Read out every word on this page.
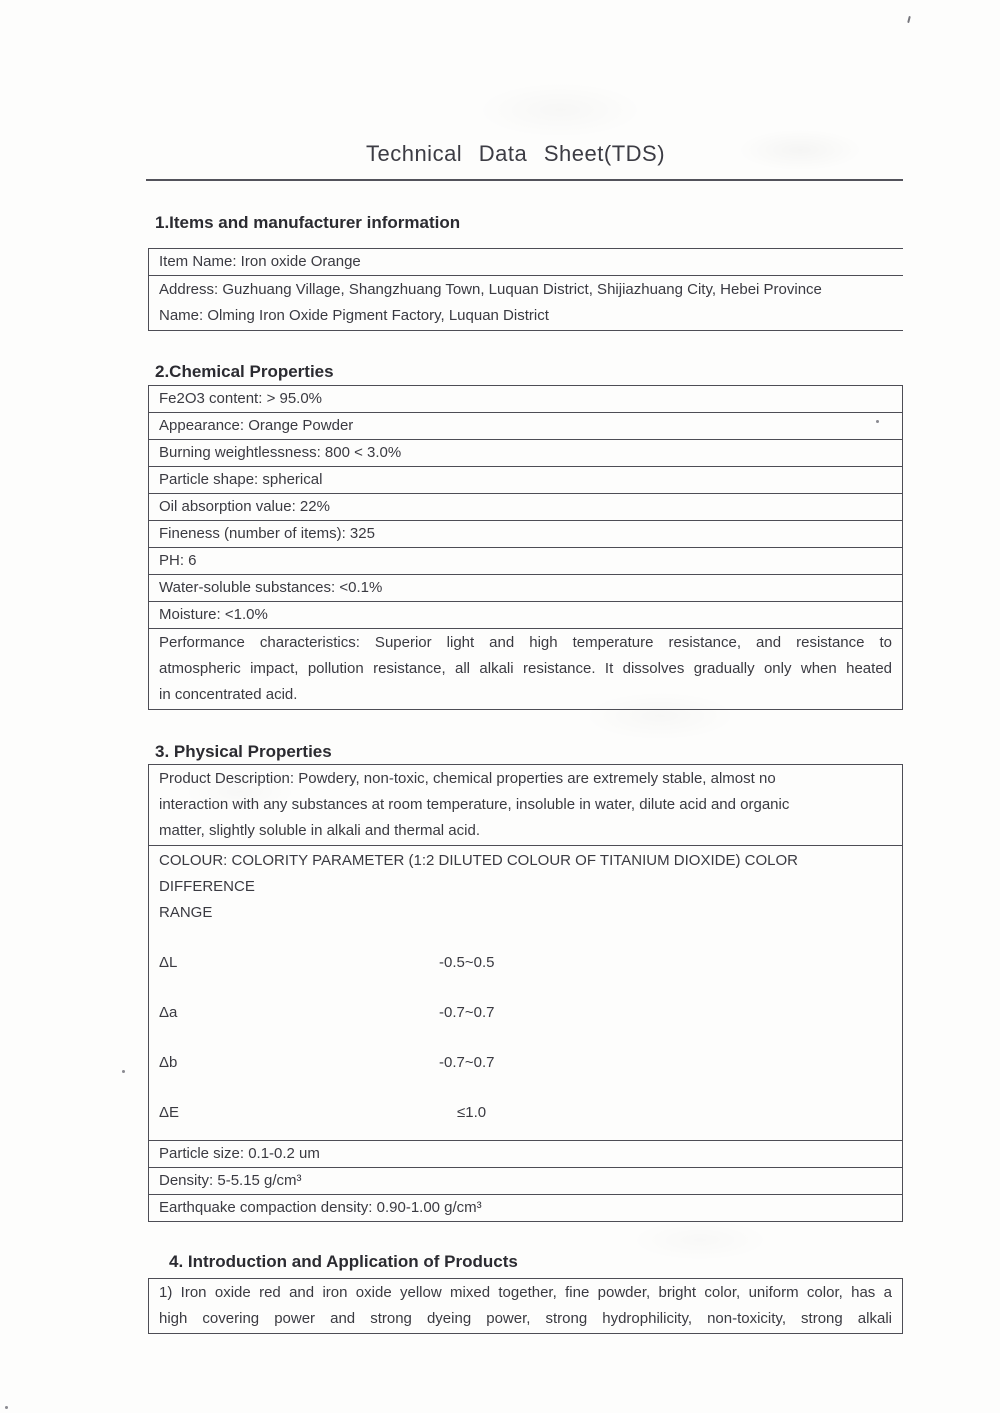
Technical Data Sheet(TDS)
1.Items and manufacturer information
Item Name: Iron oxide Orange
Address: Guzhuang Village, Shangzhuang Town, Luquan District, Shijiazhuang City, Hebei Province
Name: Olming Iron Oxide Pigment Factory, Luquan District
2.Chemical Properties
Fe2O3 content: > 95.0%
Appearance: Orange Powder
Burning weightlessness: 800 < 3.0%
Particle shape: spherical
Oil absorption value: 22%
Fineness (number of items): 325
PH: 6
Water-soluble substances: <0.1%
Moisture: <1.0%
Performance characteristics: Superior light and high temperature resistance, and resistance to
atmospheric impact, pollution resistance, all alkali resistance. It dissolves gradually only when heated
in concentrated acid.
3. Physical Properties
Product Description: Powdery, non-toxic, chemical properties are extremely stable, almost no
interaction with any substances at room temperature, insoluble in water, dilute acid and organic
matter, slightly soluble in alkali and thermal acid.
COLOUR: COLORITY PARAMETER (1:2 DILUTED COLOUR OF TITANIUM DIOXIDE) COLOR DIFFERENCE
RANGE
ΔL	-0.5~0.5
Δa	-0.7~0.7
Δb	-0.7~0.7
ΔE	≤1.0
Particle size: 0.1-0.2 um
Density: 5-5.15 g/cm³
Earthquake compaction density: 0.90-1.00 g/cm³
4. Introduction and Application of Products
1) Iron oxide red and iron oxide yellow mixed together, fine powder, bright color, uniform color, has a
high covering power and strong dyeing power, strong hydrophilicity, non-toxicity, strong alkali
